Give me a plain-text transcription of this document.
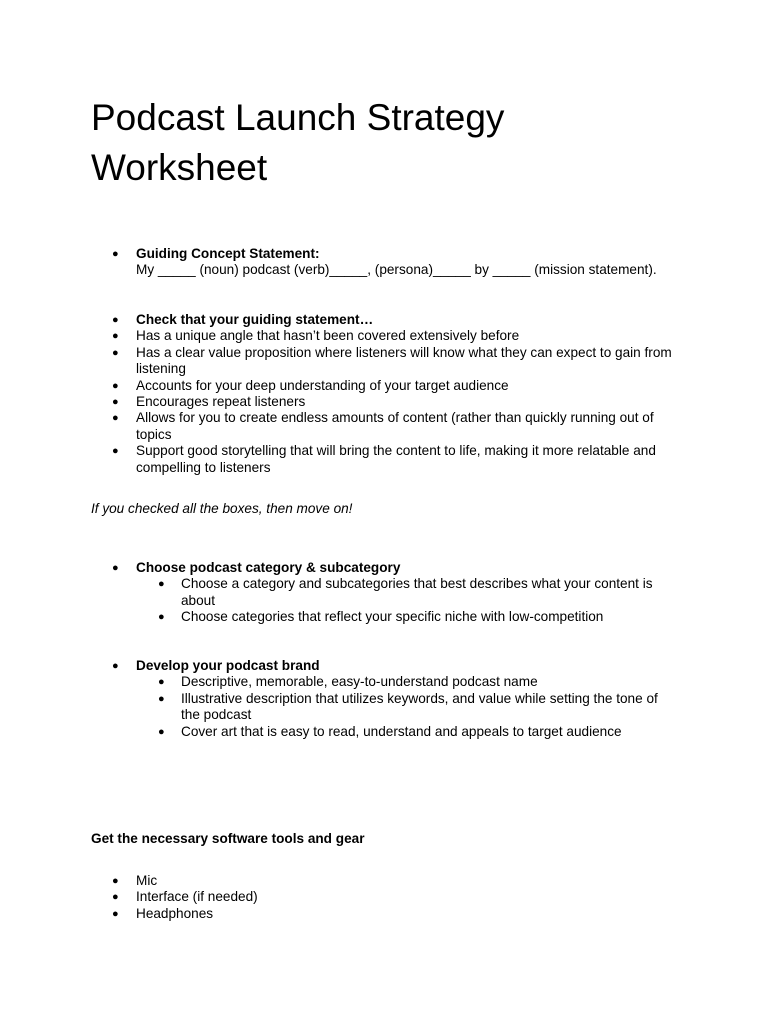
Podcast Launch Strategy
Worksheet
● Guiding Concept Statement:
My _____ (noun) podcast (verb)_____, (persona)_____ by _____ (mission statement).
● Check that your guiding statement…
● Has a unique angle that hasn’t been covered extensively before
● Has a clear value proposition where listeners will know what they can expect to gain from listening
● Accounts for your deep understanding of your target audience
● Encourages repeat listeners
● Allows for you to create endless amounts of content (rather than quickly running out of topics
● Support good storytelling that will bring the content to life, making it more relatable and compelling to listeners
If you checked all the boxes, then move on!
● Choose podcast category & subcategory
● Choose a category and subcategories that best describes what your content is about
● Choose categories that reflect your specific niche with low-competition
● Develop your podcast brand
● Descriptive, memorable, easy-to-understand podcast name
● Illustrative description that utilizes keywords, and value while setting the tone of the podcast
● Cover art that is easy to read, understand and appeals to target audience
Get the necessary software tools and gear
● Mic
● Interface (if needed)
● Headphones
